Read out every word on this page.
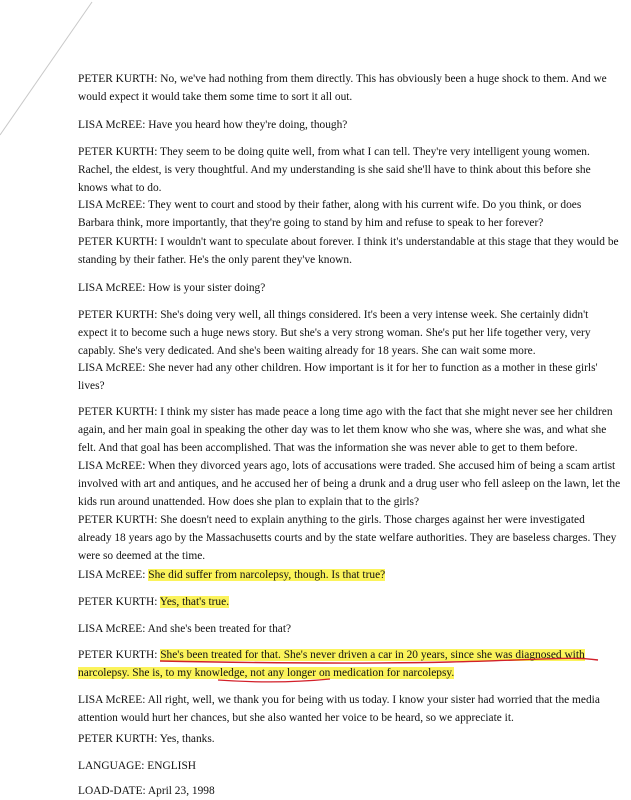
PETER KURTH: No, we've had nothing from them directly. This has obviously been a huge shock to them. And we
would expect it would take them some time to sort it all out.

LISA McREE: Have you heard how they're doing, though?

PETER KURTH: They seem to be doing quite well, from what I can tell. They're very intelligent young women.
Rachel, the eldest, is very thoughtful. And my understanding is she said she'll have to think about this before she
knows what to do.

LISA McREE: They went to court and stood by their father, along with his current wife. Do you think, or does
Barbara think, more importantly, that they're going to stand by him and refuse to speak to her forever?

PETER KURTH: I wouldn't want to speculate about forever. I think it's understandable at this stage that they would be
standing by their father. He's the only parent they've known.

LISA McREE: How is your sister doing?

PETER KURTH: She's doing very well, all things considered. It's been a very intense week. She certainly didn't
expect it to become such a huge news story. But she's a very strong woman. She's put her life together very, very
capably. She's very dedicated. And she's been waiting already for 18 years. She can wait some more.

LISA McREE: She never had any other children. How important is it for her to function as a mother in these girls'
lives?

PETER KURTH: I think my sister has made peace a long time ago with the fact that she might never see her children
again, and her main goal in speaking the other day was to let them know who she was, where she was, and what she
felt. And that goal has been accomplished. That was the information she was never able to get to them before.

LISA McREE: When they divorced years ago, lots of accusations were traded. She accused him of being a scam artist
involved with art and antiques, and he accused her of being a drunk and a drug user who fell asleep on the lawn, let the
kids run around unattended. How does she plan to explain that to the girls?

PETER KURTH: She doesn't need to explain anything to the girls. Those charges against her were investigated
already 18 years ago by the Massachusetts courts and by the state welfare authorities. They are baseless charges. They
were so deemed at the time.

LISA McREE: She did suffer from narcolepsy, though. Is that true?

PETER KURTH: Yes, that's true.

LISA McREE: And she's been treated for that?

PETER KURTH: She's been treated for that. She's never driven a car in 20 years, since she was diagnosed with
narcolepsy. She is, to my knowledge, not any longer on medication for narcolepsy.

LISA McREE: All right, well, we thank you for being with us today. I know your sister had worried that the media
attention would hurt her chances, but she also wanted her voice to be heard, so we appreciate it.

PETER KURTH: Yes, thanks.

LANGUAGE: ENGLISH

LOAD-DATE: April 23, 1998
